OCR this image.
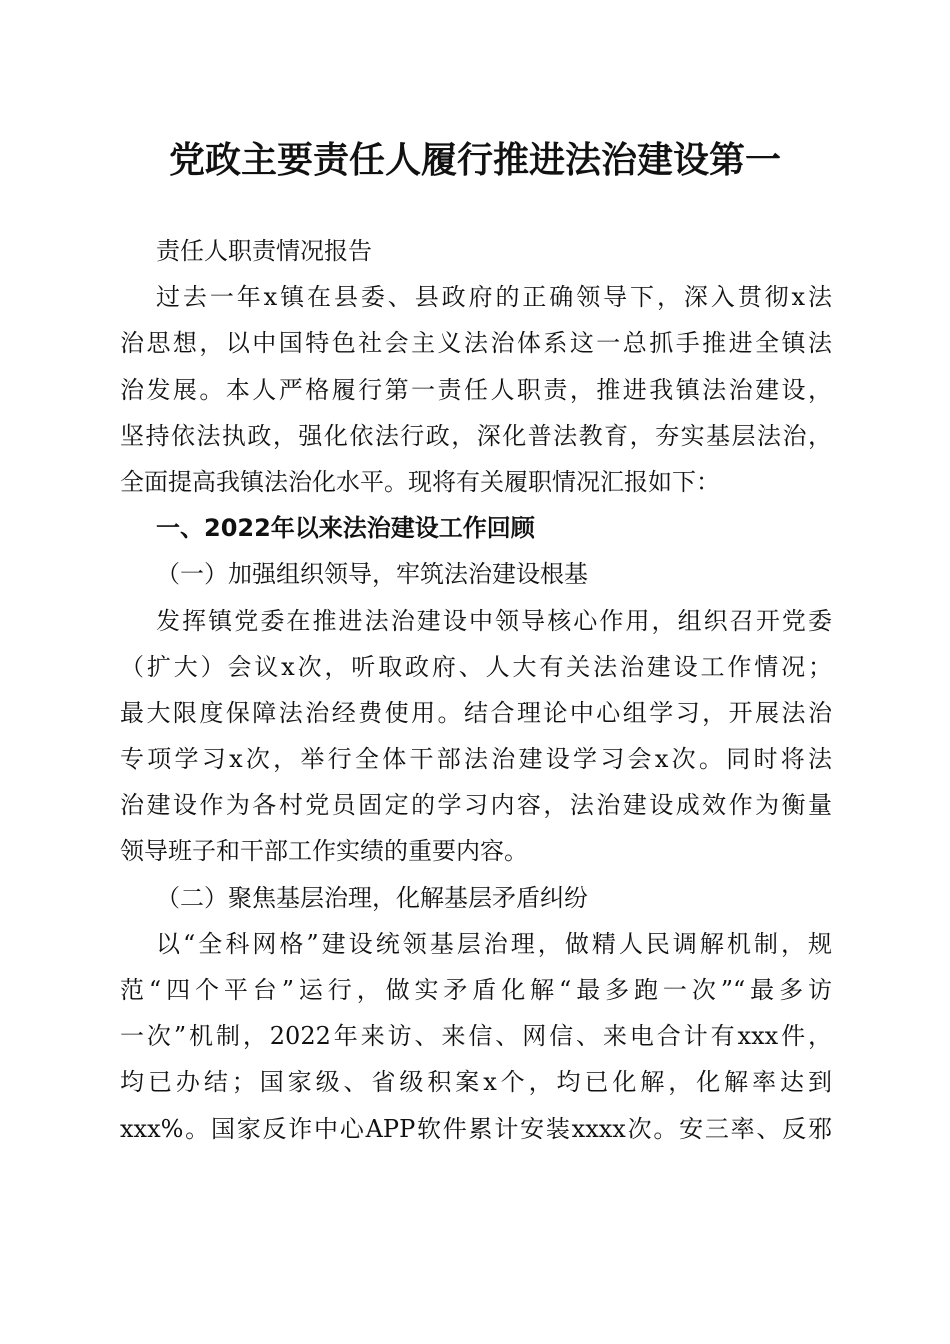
党政主要责任人履行推进法治建设第一
责任人职责情况报告
过去一年x镇在县委、县政府的正确领导下，深入贯彻x法
治思想，以中国特色社会主义法治体系这一总抓手推进全镇法
治发展。本人严格履行第一责任人职责，推进我镇法治建设，
坚持依法执政，强化依法行政，深化普法教育，夯实基层法治，
全面提高我镇法治化水平。现将有关履职情况汇报如下：
一、2022年以来法治建设工作回顾
（一）加强组织领导，牢筑法治建设根基
发挥镇党委在推进法治建设中领导核心作用，组织召开党委
（扩大）会议x次，听取政府、人大有关法治建设工作情况；
最大限度保障法治经费使用。结合理论中心组学习，开展法治
专项学习x次，举行全体干部法治建设学习会x次。同时将法
治建设作为各村党员固定的学习内容，法治建设成效作为衡量
领导班子和干部工作实绩的重要内容。
（二）聚焦基层治理，化解基层矛盾纠纷
以“全科网格”建设统领基层治理，做精人民调解机制，规
范“四个平台”运行，做实矛盾化解“最多跑一次”“最多访
一次”机制，2022年来访、来信、网信、来电合计有xxx件，
均已办结；国家级、省级积案x个，均已化解，化解率达到
xxx%。国家反诈中心APP软件累计安装xxxx次。安三率、反邪
